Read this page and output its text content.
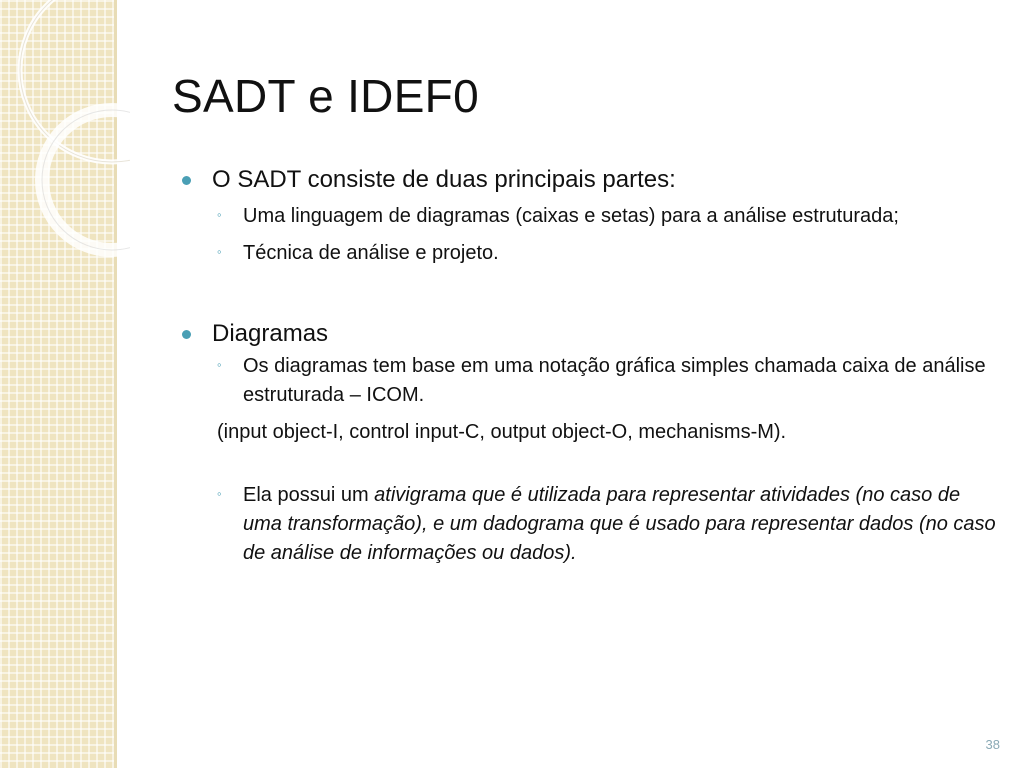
SADT e IDEF0
O SADT consiste de duas principais partes:
◦ Uma linguagem de diagramas (caixas e setas) para a análise estruturada;
◦ Técnica de análise e projeto.
Diagramas
◦ Os diagramas tem base em uma notação gráfica simples chamada caixa de análise estruturada – ICOM.
(input object-I, control input-C, output object-O, mechanisms-M).
◦ Ela possui um ativigrama que é utilizada para representar atividades (no caso de uma transformação), e um dadograma que é usado para representar dados (no caso de análise de informações ou dados).
38
